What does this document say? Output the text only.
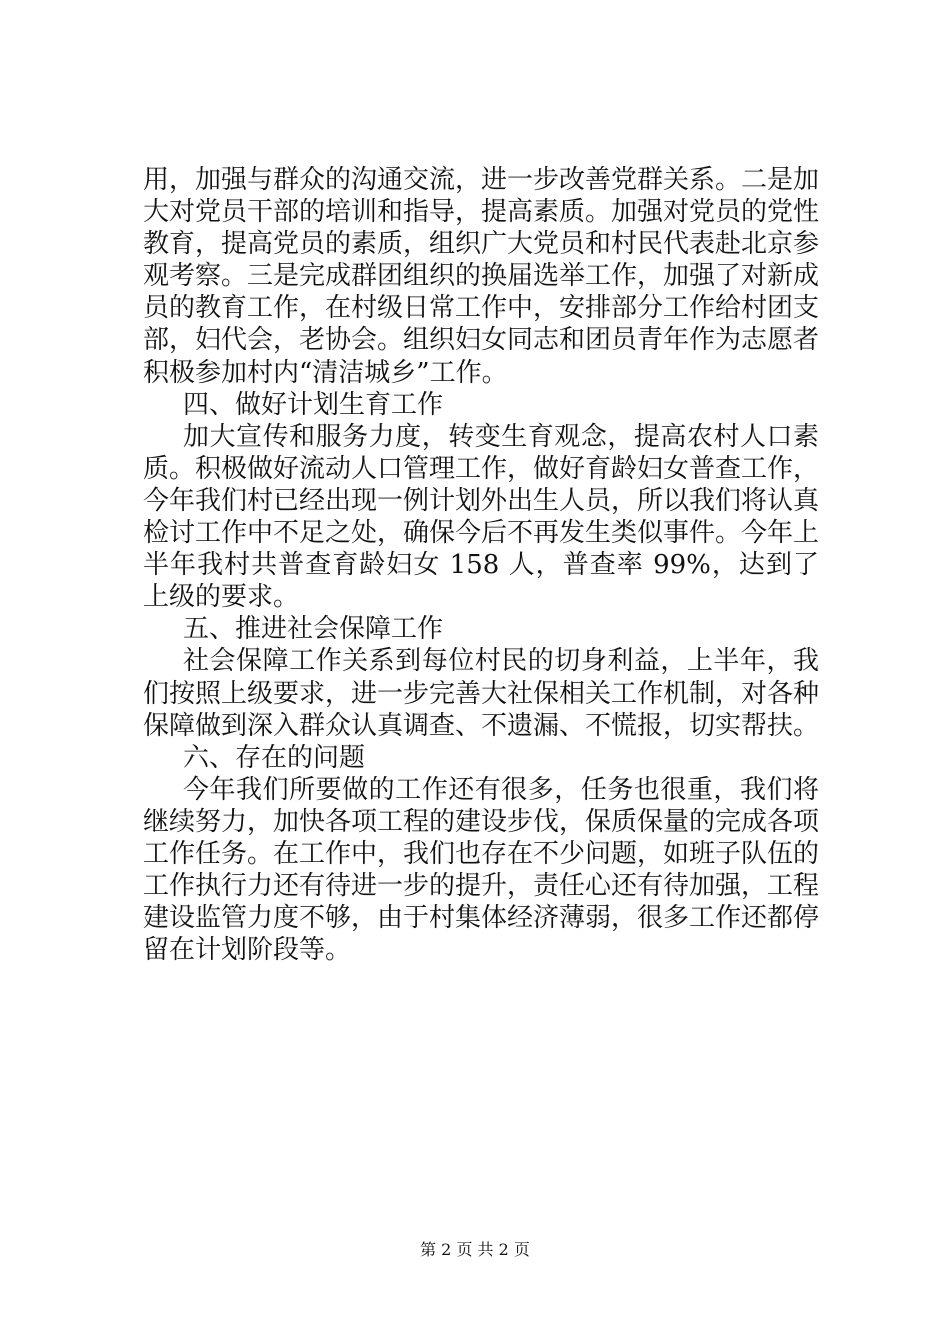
用，加强与群众的沟通交流，进一步改善党群关系。二是加大对党员干部的培训和指导，提高素质。加强对党员的党性教育，提高党员的素质，组织广大党员和村民代表赴北京参观考察。三是完成群团组织的换届选举工作，加强了对新成员的教育工作，在村级日常工作中，安排部分工作给村团支部，妇代会，老协会。组织妇女同志和团员青年作为志愿者积极参加村内“清洁城乡”工作。

四、做好计划生育工作

加大宣传和服务力度，转变生育观念，提高农村人口素质。积极做好流动人口管理工作，做好育龄妇女普查工作，今年我们村已经出现一例计划外出生人员，所以我们将认真检讨工作中不足之处，确保今后不再发生类似事件。今年上半年我村共普查育龄妇女 158 人，普查率 99%，达到了上级的要求。

五、推进社会保障工作

社会保障工作关系到每位村民的切身利益，上半年，我们按照上级要求，进一步完善大社保相关工作机制，对各种保障做到深入群众认真调查、不遗漏、不慌报，切实帮扶。

六、存在的问题

今年我们所要做的工作还有很多，任务也很重，我们将继续努力，加快各项工程的建设步伐，保质保量的完成各项工作任务。在工作中，我们也存在不少问题，如班子队伍的工作执行力还有待进一步的提升，责任心还有待加强，工程建设监管力度不够，由于村集体经济薄弱，很多工作还都停留在计划阶段等。

第 2 页 共 2 页
